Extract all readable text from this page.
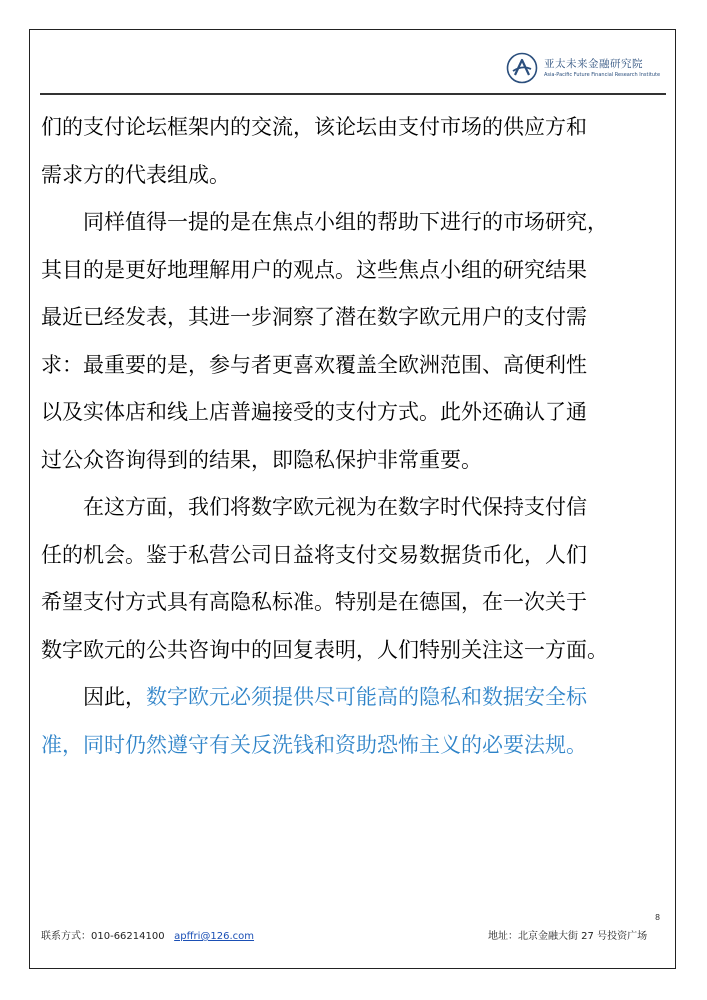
亚太未来金融研究院
Asia-Pacific Future Financial Research Institute
们的支付论坛框架内的交流，该论坛由支付市场的供应方和
需求方的代表组成。
同样值得一提的是在焦点小组的帮助下进行的市场研究，
其目的是更好地理解用户的观点。这些焦点小组的研究结果
最近已经发表，其进一步洞察了潜在数字欧元用户的支付需
求：最重要的是，参与者更喜欢覆盖全欧洲范围、高便利性
以及实体店和线上店普遍接受的支付方式。此外还确认了通
过公众咨询得到的结果，即隐私保护非常重要。
在这方面，我们将数字欧元视为在数字时代保持支付信
任的机会。鉴于私营公司日益将支付交易数据货币化，人们
希望支付方式具有高隐私标准。特别是在德国，在一次关于
数字欧元的公共咨询中的回复表明，人们特别关注这一方面。
因此，数字欧元必须提供尽可能高的隐私和数据安全标
准，同时仍然遵守有关反洗钱和资助恐怖主义的必要法规。
8
联系方式：010-66214100 apffri@126.com	地址：北京金融大街 27 号投资广场
